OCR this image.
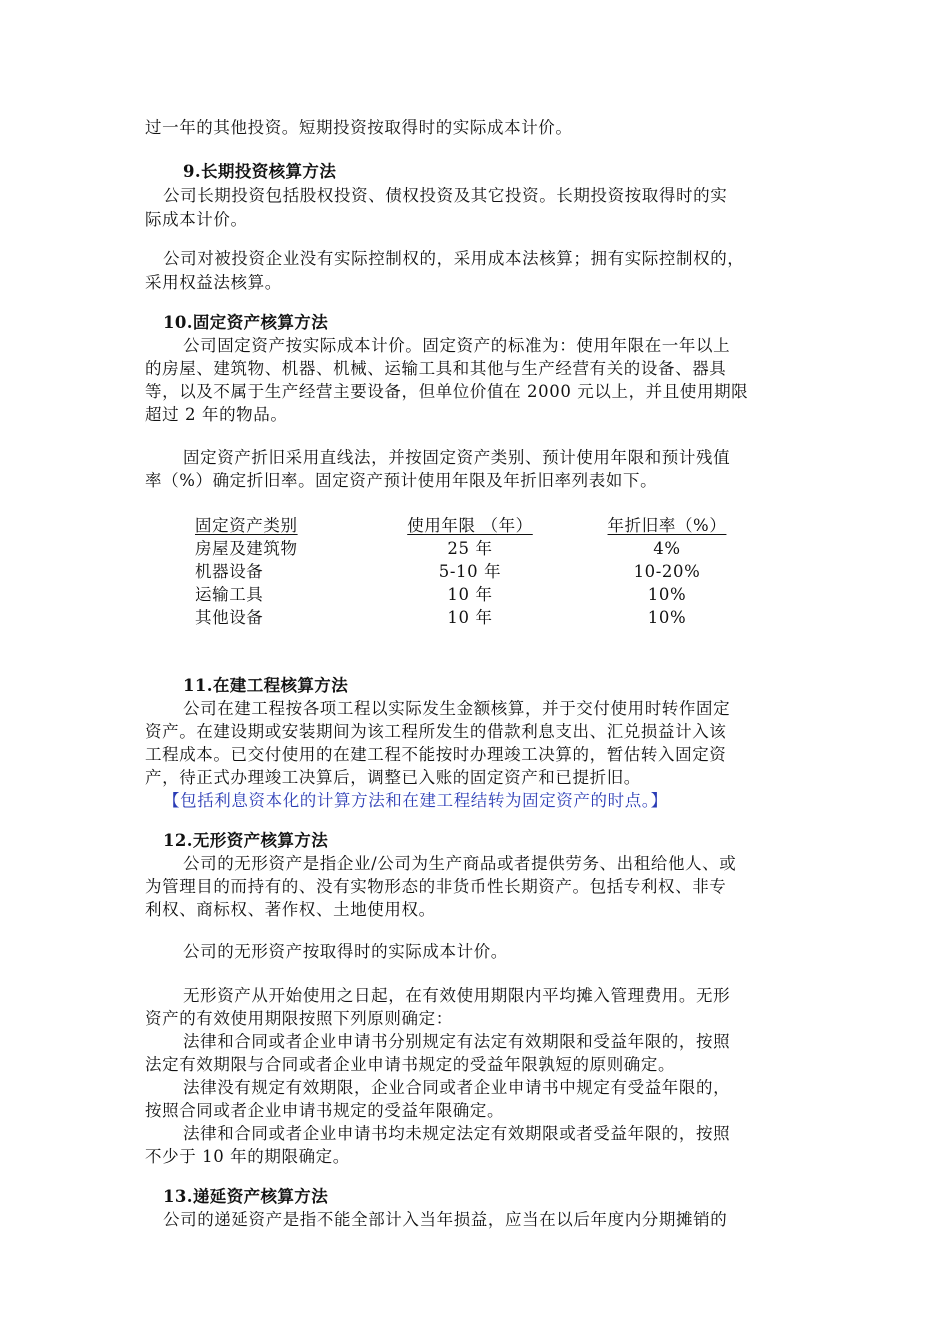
过一年的其他投资。短期投资按取得时的实际成本计价。
9.长期投资核算方法
公司长期投资包括股权投资、债权投资及其它投资。长期投资按取得时的实
际成本计价。
公司对被投资企业没有实际控制权的，采用成本法核算；拥有实际控制权的，
采用权益法核算。
10.固定资产核算方法
公司固定资产按实际成本计价。固定资产的标准为：使用年限在一年以上
的房屋、建筑物、机器、机械、运输工具和其他与生产经营有关的设备、器具
等，以及不属于生产经营主要设备，但单位价值在 2000 元以上，并且使用期限
超过 2 年的物品。
固定资产折旧采用直线法，并按固定资产类别、预计使用年限和预计残值
率（%）确定折旧率。固定资产预计使用年限及年折旧率列表如下。
固定资产类别	使用年限 （年）	年折旧率（%）
房屋及建筑物	25 年	4%
机器设备	5-10 年	10-20%
运输工具	10 年	10%
其他设备	10 年	10%
11.在建工程核算方法
公司在建工程按各项工程以实际发生金额核算，并于交付使用时转作固定
资产。在建设期或安装期间为该工程所发生的借款利息支出、汇兑损益计入该
工程成本。已交付使用的在建工程不能按时办理竣工决算的，暂估转入固定资
产，待正式办理竣工决算后，调整已入账的固定资产和已提折旧。
【包括利息资本化的计算方法和在建工程结转为固定资产的时点。】
12.无形资产核算方法
公司的无形资产是指企业/公司为生产商品或者提供劳务、出租给他人、或
为管理目的而持有的、没有实物形态的非货币性长期资产。包括专利权、非专
利权、商标权、著作权、土地使用权。
公司的无形资产按取得时的实际成本计价。
无形资产从开始使用之日起，在有效使用期限内平均摊入管理费用。无形
资产的有效使用期限按照下列原则确定：
法律和合同或者企业申请书分别规定有法定有效期限和受益年限的，按照
法定有效期限与合同或者企业申请书规定的受益年限孰短的原则确定。
法律没有规定有效期限，企业合同或者企业申请书中规定有受益年限的，
按照合同或者企业申请书规定的受益年限确定。
法律和合同或者企业申请书均未规定法定有效期限或者受益年限的，按照
不少于 10 年的期限确定。
13.递延资产核算方法
公司的递延资产是指不能全部计入当年损益，应当在以后年度内分期摊销的
